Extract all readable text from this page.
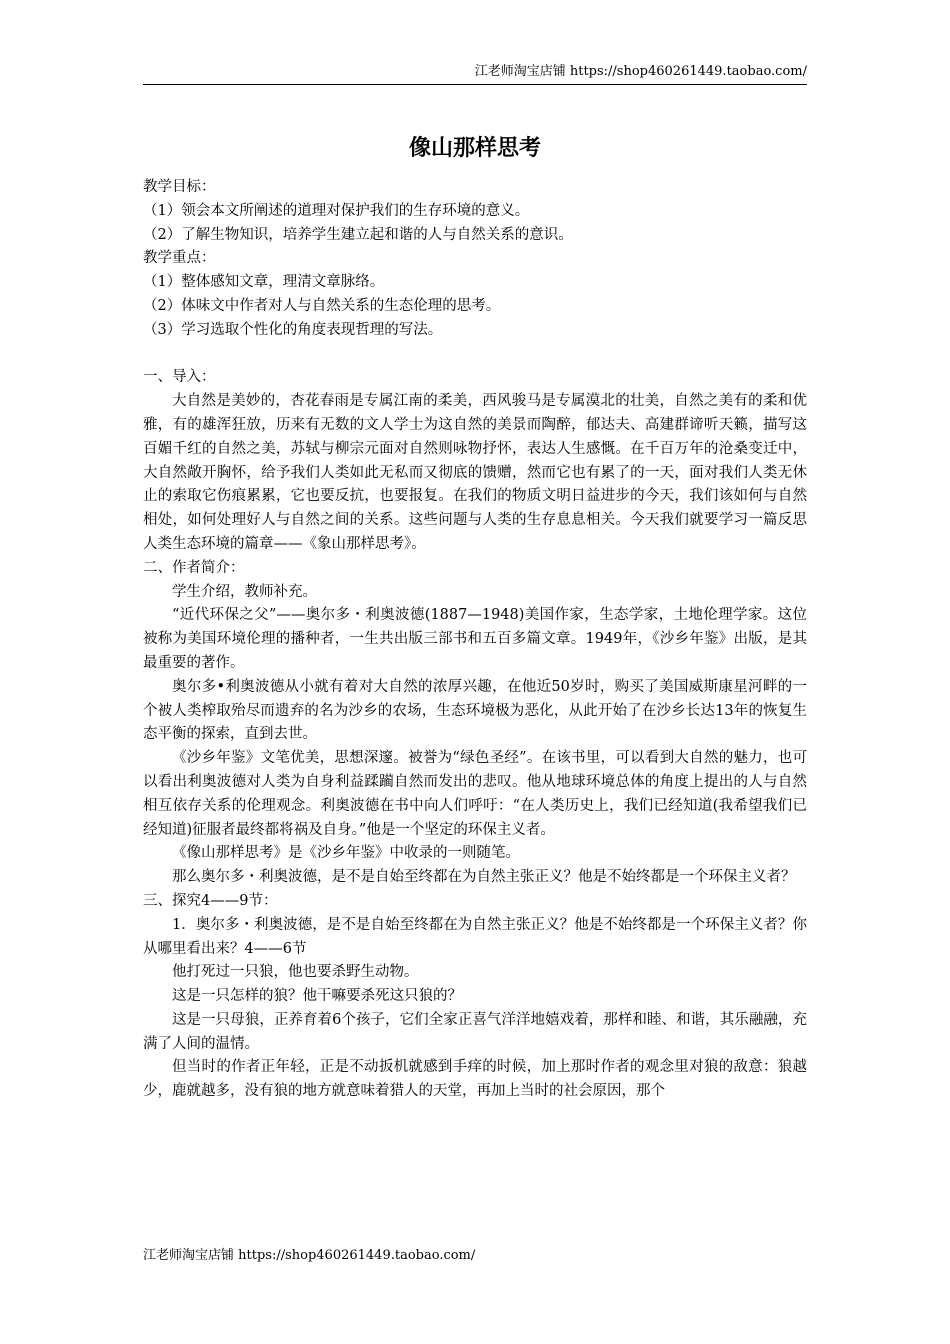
江老师淘宝店铺 https://shop460261449.taobao.com/
像山那样思考

教学目标：

（1）领会本文所阐述的道理对保护我们的生存环境的意义。

（2）了解生物知识，培养学生建立起和谐的人与自然关系的意识。

教学重点：

（1）整体感知文章，理清文章脉络。

（2）体味文中作者对人与自然关系的生态伦理的思考。

（3）学习选取个性化的角度表现哲理的写法。

一、导入：

大自然是美妙的，杏花春雨是专属江南的柔美，西风骏马是专属漠北的壮美，自然之美有的柔和优雅，有的雄浑狂放，历来有无数的文人学士为这自然的美景而陶醉，郁达夫、高建群谛听天籁，描写这百媚千红的自然之美，苏轼与柳宗元面对自然则咏物抒怀，表达人生感慨。在千百万年的沧桑变迁中，大自然敞开胸怀，给予我们人类如此无私而又彻底的馈赠，然而它也有累了的一天，面对我们人类无休止的索取它伤痕累累，它也要反抗，也要报复。在我们的物质文明日益进步的今天，我们该如何与自然相处，如何处理好人与自然之间的关系。这些问题与人类的生存息息相关。今天我们就要学习一篇反思人类生态环境的篇章——《象山那样思考》。

二、作者简介：

学生介绍，教师补充。

“近代环保之父”——奥尔多・利奥波德(1887—1948)美国作家，生态学家，土地伦理学家。这位被称为美国环境伦理的播种者，一生共出版三部书和五百多篇文章。1949年，《沙乡年鉴》出版，是其最重要的著作。

奥尔多•利奥波德从小就有着对大自然的浓厚兴趣，在他近50岁时，购买了美国威斯康星河畔的一个被人类榨取殆尽而遗弃的名为沙乡的农场，生态环境极为恶化，从此开始了在沙乡长达13年的恢复生态平衡的探索，直到去世。

《沙乡年鉴》文笔优美，思想深邃。被誉为“绿色圣经”。在该书里，可以看到大自然的魅力，也可以看出利奥波德对人类为自身利益蹂躏自然而发出的悲叹。他从地球环境总体的角度上提出的人与自然相互依存关系的伦理观念。利奥波德在书中向人们呼吁：“在人类历史上，我们已经知道(我希望我们已经知道)征服者最终都将祸及自身。”他是一个坚定的环保主义者。

《像山那样思考》是《沙乡年鉴》中收录的一则随笔。

那么奥尔多・利奥波德，是不是自始至终都在为自然主张正义？他是不始终都是一个环保主义者？

三、探究4——9节：

1．奥尔多・利奥波德，是不是自始至终都在为自然主张正义？他是不始终都是一个环保主义者？你从哪里看出来？4——6节

他打死过一只狼，他也要杀野生动物。

这是一只怎样的狼？他干嘛要杀死这只狼的？

这是一只母狼，正养育着6个孩子，它们全家正喜气洋洋地嬉戏着，那样和睦、和谐，其乐融融，充满了人间的温情。

但当时的作者正年轻，正是不动扳机就感到手痒的时候，加上那时作者的观念里对狼的敌意：狼越少，鹿就越多，没有狼的地方就意味着猎人的天堂，再加上当时的社会原因，那个

江老师淘宝店铺 https://shop460261449.taobao.com/
